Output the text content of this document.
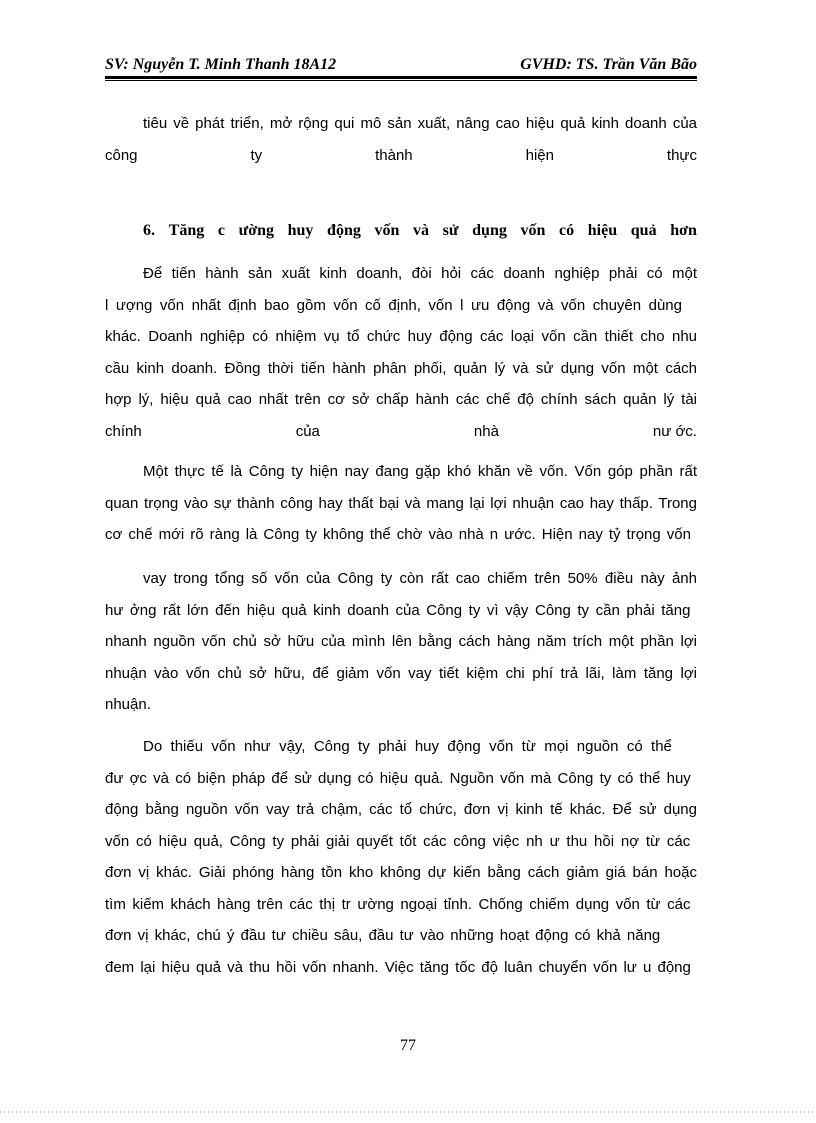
SV: Nguyễn T. Minh Thanh 18A12	GVHD: TS. Trần Văn Bão
tiêu về phát triển, mở rộng qui mô sản xuất, nâng cao hiệu quả kinh doanh của
công	ty	thành	hiện	thực
6. Tăng c ường huy động vốn và sử dụng vốn có hiệu quả hơn
Để tiến hành sản xuất kinh doanh, đòi hỏi các doanh nghiệp phải có một
l ượng vốn nhất định bao gồm vốn cố định, vốn l ưu động và vốn chuyên dùng
khác. Doanh nghiệp có nhiệm vụ tổ chức huy động các loại vốn cần thiết cho nhu
cầu kinh doanh. Đồng thời tiến hành phân phối, quản lý và sử dụng vốn một cách
hợp lý, hiệu quả cao nhất trên cơ sở chấp hành các chế độ chính sách quản lý tài
chính	của	nhà	nư ớc.
Một thực tế là Công ty hiện nay đang gặp khó khăn về vốn. Vốn góp phần rất
quan trọng vào sự thành công hay thất bại và mang lại lợi nhuận cao hay thấp. Trong
cơ chế mới rõ ràng là Công ty không thể chờ vào nhà n ước. Hiện nay tỷ trọng vốn
vay trong tổng số vốn của Công ty còn rất cao chiếm trên 50% điều này ảnh
hư ởng rất lớn đến hiệu quả kinh doanh của Công ty vì vậy Công ty cần phải tăng
nhanh nguồn vốn chủ sở hữu của mình lên bằng cách hàng năm trích một phần lợi
nhuận vào vốn chủ sở hữu, để giảm vốn vay tiết kiệm chi phí trả lãi, làm tăng lợi
nhuận.
Do thiếu vốn như vậy, Công ty phải huy động vốn từ mọi nguồn có thể
đư ợc và có biện pháp để sử dụng có hiệu quả. Nguồn vốn mà Công ty có thể huy
động bằng nguồn vốn vay trả chậm, các tổ chức, đơn vị kinh tế khác. Để sử dụng
vốn có hiệu quả, Công ty phải giải quyết tốt các công việc nh ư thu hồi nợ từ các
đơn vị khác. Giải phóng hàng tồn kho không dự kiến bằng cách giảm giá bán hoặc
tìm kiếm khách hàng trên các thị tr ường ngoại tỉnh. Chống chiếm dụng vốn từ các
đơn vị khác, chú ý đầu tư chiều sâu, đầu tư vào những hoạt động có khả năng
đem lại hiệu quả và thu hồi vốn nhanh. Việc tăng tốc độ luân chuyển vốn lư u động
77
